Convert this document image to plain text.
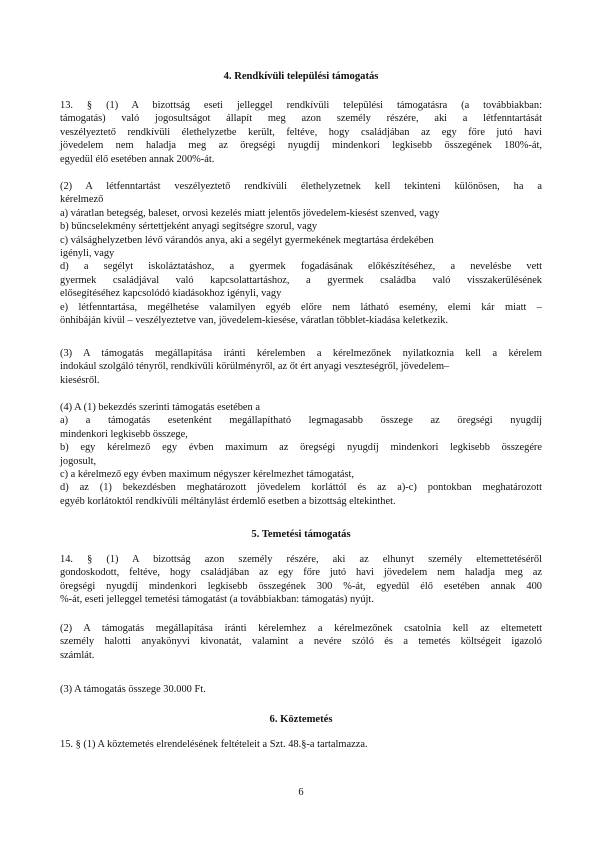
4. Rendkívüli települési támogatás
13. § (1) A bizottság eseti jelleggel rendkívüli települési támogatásra (a továbbiakban:
támogatás) való jogosultságot állapít meg azon személy részére, aki a létfenntartását
veszélyeztető rendkívüli élethelyzetbe került, feltéve, hogy családjában az egy főre jutó havi
jövedelem nem haladja meg az öregségi nyugdíj mindenkori legkisebb összegének 180%-át,
egyedül élő esetében annak 200%-át.
(2) A létfenntartást veszélyeztető rendkívüli élethelyzetnek kell tekinteni különösen, ha a
kérelmező
a) váratlan betegség, baleset, orvosi kezelés miatt jelentős jövedelem-kiesést szenved, vagy
b) bűncselekmény sértettjeként anyagi segítségre szorul, vagy
c) válsághelyzetben lévő várandós anya, aki a segélyt gyermekének megtartása érdekében
igényli, vagy
d) a segélyt iskoláztatáshoz, a gyermek fogadásának előkészítéséhez, a nevelésbe vett
gyermek családjával való kapcsolattartáshoz, a gyermek családba való visszakerülésének
elősegítéséhez kapcsolódó kiadásokhoz igényli, vagy
e) létfenntartása, megélhetése valamilyen egyéb előre nem látható esemény, elemi kár miatt –
önhibáján kívül – veszélyeztetve van, jövedelem-kiesése, váratlan többlet-kiadása keletkezik.
(3) A támogatás megállapítása iránti kérelemben a kérelmezőnek nyilatkoznia kell a kérelem
indokául szolgáló tényről, rendkívüli körülményről, az őt ért anyagi veszteségről, jövedelem–
kiesésről.
(4) A (1) bekezdés szerinti támogatás esetében a
a) a támogatás esetenként megállapítható legmagasabb összege az öregségi nyugdíj
mindenkori legkisebb összege,
b) egy kérelmező egy évben maximum az öregségi nyugdíj mindenkori legkisebb összegére
jogosult,
c) a kérelmező egy évben maximum négyszer kérelmezhet támogatást,
d) az (1) bekezdésben meghatározott jövedelem korláttól és az a)-c) pontokban meghatározott
egyéb korlátoktól rendkívüli méltánylást érdemlő esetben a bizottság eltekinthet.
5. Temetési támogatás
14. § (1) A bizottság azon személy részére, aki az elhunyt személy eltemettetéséről
gondoskodott, feltéve, hogy családjában az egy főre jutó havi jövedelem nem haladja meg az
öregségi nyugdíj mindenkori legkisebb összegének 300 %-át, egyedül élő esetében annak 400
%-át, eseti jelleggel temetési támogatást (a továbbiakban: támogatás) nyújt.
(2) A támogatás megállapítása iránti kérelemhez a kérelmezőnek csatolnia kell az eltemetett
személy halotti anyakönyvi kivonatát, valamint a nevére szóló és a temetés költségeit igazoló
számlát.
(3) A támogatás összege 30.000 Ft.
6. Köztemetés
15. § (1) A köztemetés elrendelésének feltételeit a Szt. 48.§-a tartalmazza.
6
